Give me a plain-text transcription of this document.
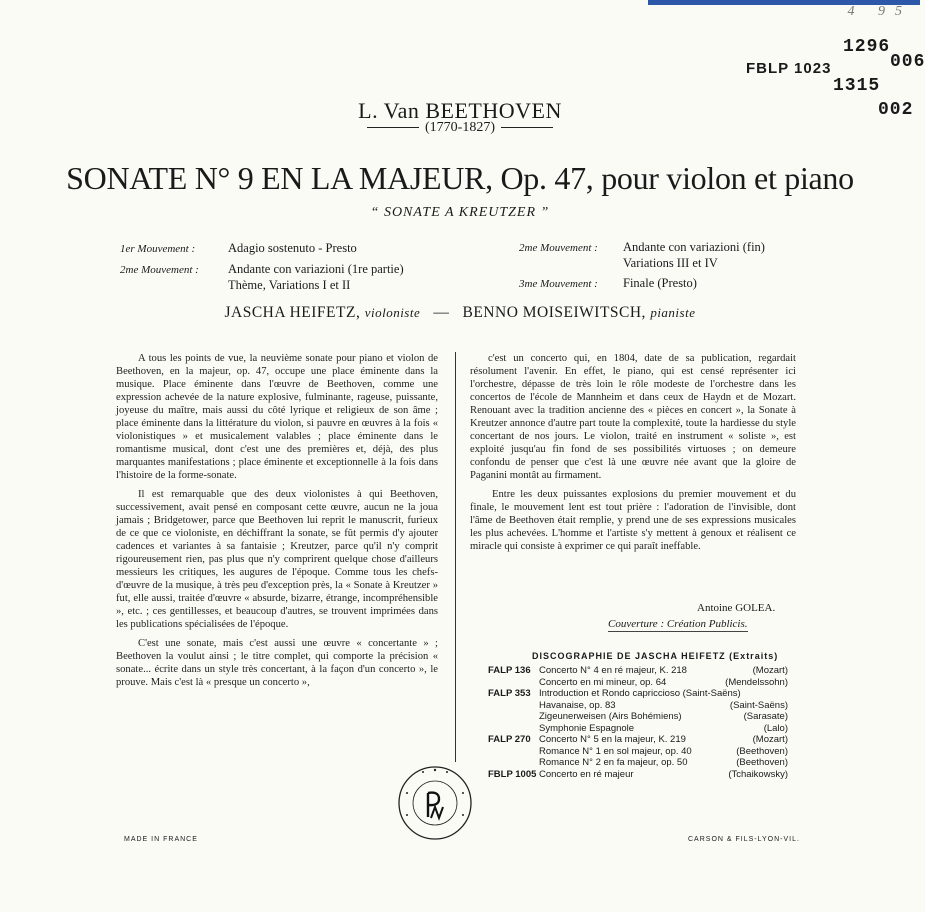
4 95
FBLP 1023
1296
006
1315
002
L. Van BEETHOVEN
(1770-1827)
SONATE N° 9 EN LA MAJEUR, Op. 47, pour violon et piano
“ SONATE A KREUTZER ”
1er Mouvement :	Adagio sostenuto - Presto
2me Mouvement : Andante con variazioni (1re partie)
Thème, Variations I et II
2me Mouvement : Andante con variazioni (fin)
Variations III et IV
3me Mouvement : Finale (Presto)
JASCHA HEIFETZ, violoniste — BENNO MOISEIWITSCH, pianiste

A tous les points de vue, la neuvième sonate pour piano et violon de Beethoven, en la majeur, op. 47, occupe une place éminente dans la musique. Place éminente dans l'œuvre de Beethoven, comme une expression achevée de la nature explosive, fulminante, rageuse, puissante, joyeuse du maître, mais aussi du côté lyrique et religieux de son âme ; place éminente dans la littérature du violon, si pauvre en œuvres à la fois « violonistiques » et musicalement valables ; place éminente dans le romantisme musical, dont c'est une des premières et, déjà, des plus marquantes manifestations ; place éminente et exceptionnelle à la fois dans l'histoire de la forme-sonate.

Il est remarquable que des deux violonistes à qui Beethoven, successivement, avait pensé en composant cette œuvre, aucun ne la joua jamais ; Bridgetower, parce que Beethoven lui reprit le manuscrit, furieux de ce que ce violoniste, en déchiffrant la sonate, se fût permis d'y ajouter cadences et variantes à sa fantaisie ; Kreutzer, parce qu'il n'y comprit rigoureusement rien, pas plus que n'y comprirent quelque chose d'ailleurs messieurs les critiques, les augures de l'époque. Comme tous les chefs-d'œuvre de la musique, à très peu d'exception près, la « Sonate à Kreutzer » fut, elle aussi, traitée d'œuvre « absurde, bizarre, étrange, incompréhensible », etc. ; ces gentillesses, et beaucoup d'autres, se trouvent imprimées dans les publications spécialisées de l'époque.

C'est une sonate, mais c'est aussi une œuvre « concertante » ; Beethoven la voulut ainsi ; le titre complet, qui comporte la précision « sonate... écrite dans un style très concertant, à la façon d'un concerto », le prouve. Mais c'est là « presque un concerto »,

c'est un concerto qui, en 1804, date de sa publication, regardait résolument l'avenir. En effet, le piano, qui est censé représenter ici l'orchestre, dépasse de très loin le rôle modeste de l'orchestre dans les concertos de l'école de Mannheim et dans ceux de Haydn et de Mozart. Renouant avec la tradition ancienne des « pièces en concert », la Sonate à Kreutzer annonce d'autre part toute la complexité, toute la hardiesse du style concertant de nos jours. Le violon, traité en instrument « soliste », est exploité jusqu'au fin fond de ses possibilités virtuoses ; on demeure confondu de penser que c'est là une œuvre née avant que la gloire de Paganini montât au firmament.

Entre les deux puissantes explosions du premier mouvement et du finale, le mouvement lent est tout prière : l'adoration de l'invisible, dont l'âme de Beethoven était remplie, y prend une de ses expressions musicales les plus achevées. L'homme et l'artiste s'y mettent à genoux et réalisent ce miracle qui consiste à exprimer ce qui paraît ineffable.

Antoine GOLEA.
Couverture : Création Publicis.
DISCOGRAPHIE DE JASCHA HEIFETZ (Extraits)
FALP 136 Concerto N° 4 en ré majeur, K. 218	(Mozart)
Concerto en mi mineur, op. 64	(Mendelssohn)
FALP 353 Introduction et Rondo capriccioso (Saint-Saëns)
Havanaise, op. 83	(Saint-Saëns)
Zigeunerweisen (Airs Bohémiens)	(Sarasate)
Symphonie Espagnole	(Lalo)
FALP 270 Concerto N° 5 en la majeur, K. 219	(Mozart)
Romance N° 1 en sol majeur, op. 40	(Beethoven)
Romance N° 2 en fa majeur, op. 50	(Beethoven)
FBLP 1005 Concerto en ré majeur	(Tchaikowsky)
MADE IN FRANCE	CARSON & FILS-LYON-VIL.
